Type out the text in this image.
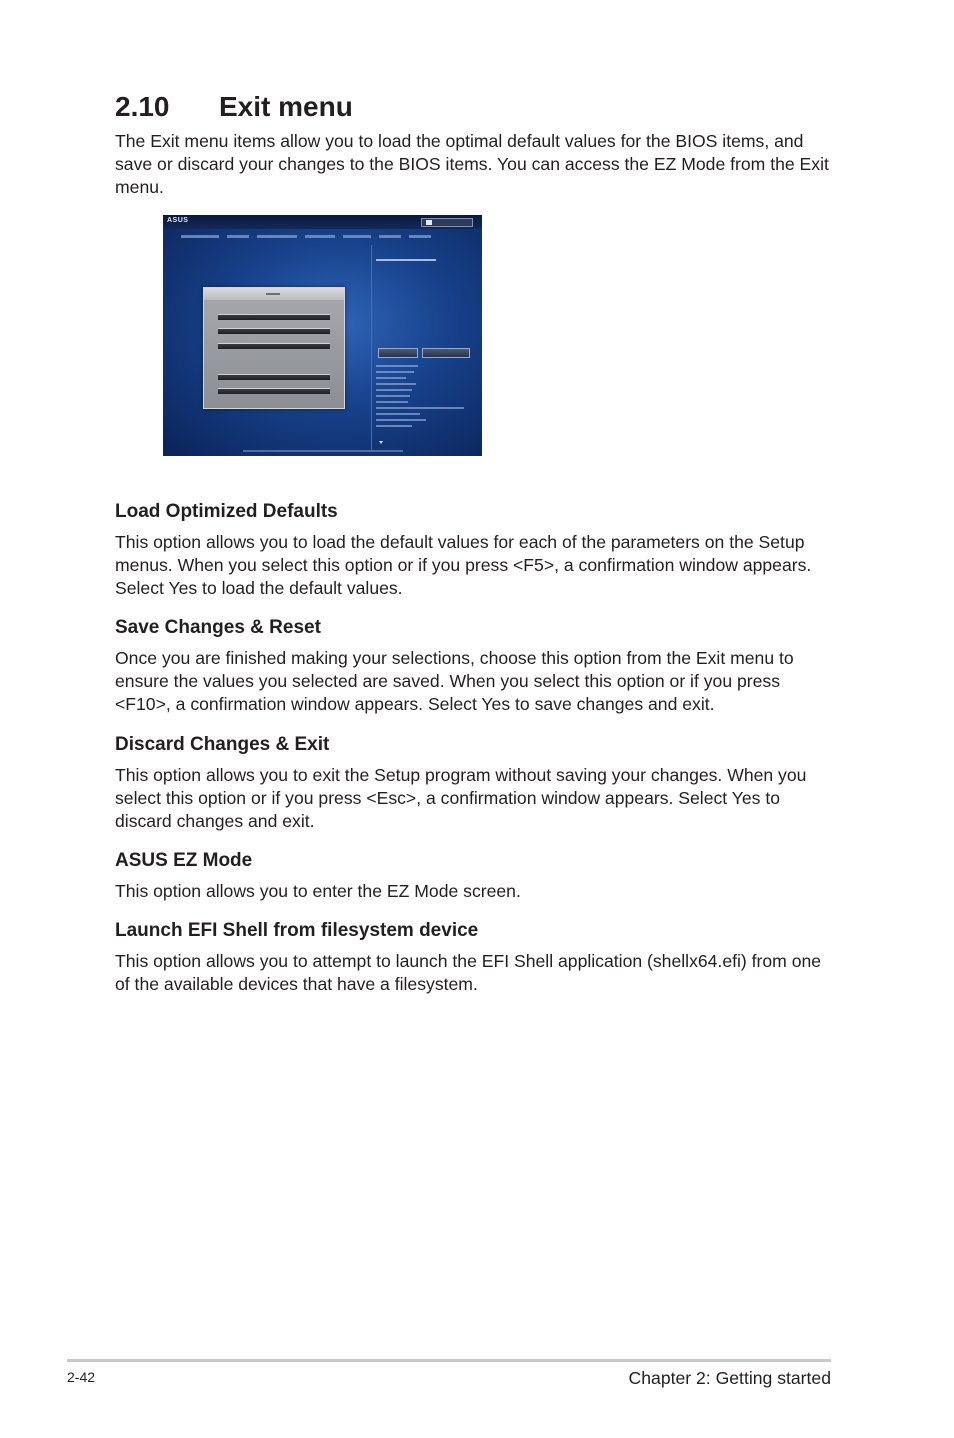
2.10 Exit menu

The Exit menu items allow you to load the optimal default values for the BIOS items, and save or discard your changes to the BIOS items. You can access the EZ Mode from the Exit menu.

ASUS
Load Optimized Defaults

This option allows you to load the default values for each of the parameters on the Setup menus. When you select this option or if you press <F5>, a confirmation window appears. Select Yes to load the default values.

Save Changes & Reset

Once you are finished making your selections, choose this option from the Exit menu to ensure the values you selected are saved. When you select this option or if you press <F10>, a confirmation window appears. Select Yes to save changes and exit.

Discard Changes & Exit

This option allows you to exit the Setup program without saving your changes. When you select this option or if you press <Esc>, a confirmation window appears. Select Yes to discard changes and exit.

ASUS EZ Mode

This option allows you to enter the EZ Mode screen.

Launch EFI Shell from filesystem device

This option allows you to attempt to launch the EFI Shell application (shellx64.efi) from one of the available devices that have a filesystem.

2-42	Chapter 2: Getting started
